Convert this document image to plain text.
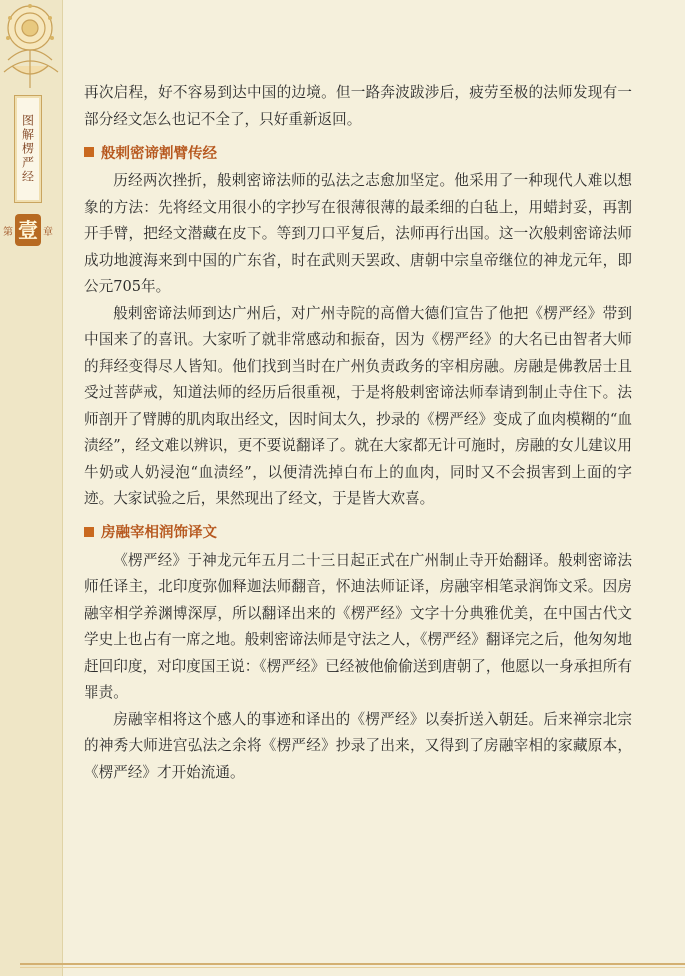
图解楞严经
第 壹 章

再次启程，好不容易到达中国的边境。但一路奔波跋涉后，疲劳至极的法师发现有一部分经文怎么也记不全了，只好重新返回。

般剌密谛割臂传经

历经两次挫折，般剌密谛法师的弘法之志愈加坚定。他采用了一种现代人难以想象的方法：先将经文用很小的字抄写在很薄很薄的最柔细的白毡上，用蜡封妥，再割开手臂，把经文潜藏在皮下。等到刀口平复后，法师再行出国。这一次般剌密谛法师成功地渡海来到中国的广东省，时在武则天罢政、唐朝中宗皇帝继位的神龙元年，即公元705年。

般剌密谛法师到达广州后，对广州寺院的高僧大德们宣告了他把《楞严经》带到中国来了的喜讯。大家听了就非常感动和振奋，因为《楞严经》的大名已由智者大师的拜经变得尽人皆知。他们找到当时在广州负责政务的宰相房融。房融是佛教居士且受过菩萨戒，知道法师的经历后很重视，于是将般剌密谛法师奉请到制止寺住下。法师剖开了臂膊的肌肉取出经文，因时间太久，抄录的《楞严经》变成了血肉模糊的“血渍经”，经文难以辨识，更不要说翻译了。就在大家都无计可施时，房融的女儿建议用牛奶或人奶浸泡“血渍经”，以便清洗掉白布上的血肉，同时又不会损害到上面的字迹。大家试验之后，果然现出了经文，于是皆大欢喜。

房融宰相润饰译文

《楞严经》于神龙元年五月二十三日起正式在广州制止寺开始翻译。般剌密谛法师任译主，北印度弥伽释迦法师翻音，怀迪法师证译，房融宰相笔录润饰文采。因房融宰相学养渊博深厚，所以翻译出来的《楞严经》文字十分典雅优美，在中国古代文学史上也占有一席之地。般剌密谛法师是守法之人，《楞严经》翻译完之后，他匆匆地赶回印度，对印度国王说：《楞严经》已经被他偷偷送到唐朝了，他愿以一身承担所有罪责。

房融宰相将这个感人的事迹和译出的《楞严经》以奏折送入朝廷。后来禅宗北宗的神秀大师进宫弘法之余将《楞严经》抄录了出来，又得到了房融宰相的家藏原本，《楞严经》才开始流通。
